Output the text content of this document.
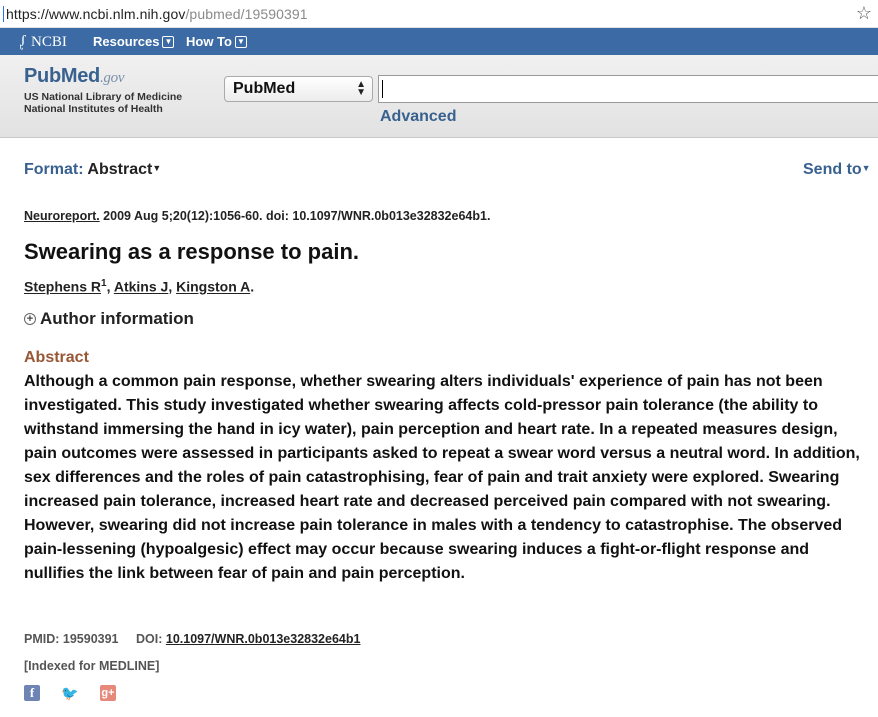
https://www.ncbi.nlm.nih.gov/pubmed/19590391	☆
ᶘ NCBI Resources ▼ How To ▼
PubMed.gov
US National Library of Medicine
National Institutes of Health
PubMed	▲
▼
Advanced
Format: Abstract▼	Send to▼
Neuroreport. 2009 Aug 5;20(12):1056-60. doi: 10.1097/WNR.0b013e32832e64b1.
Swearing as a response to pain.
Stephens $R^1$, Atkins J, Kingston A.
+ Author information
Abstract
Although a common pain response, whether swearing alters individuals' experience of pain has not been investigated. This study investigated whether swearing affects cold-pressor pain tolerance (the ability to withstand immersing the hand in icy water), pain perception and heart rate. In a repeated measures design, pain outcomes were assessed in participants asked to repeat a swear word versus a neutral word. In addition, sex differences and the roles of pain catastrophising, fear of pain and trait anxiety were explored. Swearing increased pain tolerance, increased heart rate and decreased perceived pain compared with not swearing. However, swearing did not increase pain tolerance in males with a tendency to catastrophise. The observed pain-lessening (hypoalgesic) effect may occur because swearing induces a fight-or-flight response and nullifies the link between fear of pain and pain perception.
PMID: 19590391 DOI: 10.1097/WNR.0b013e32832e64b1
[Indexed for MEDLINE]
f	🐦 g+
